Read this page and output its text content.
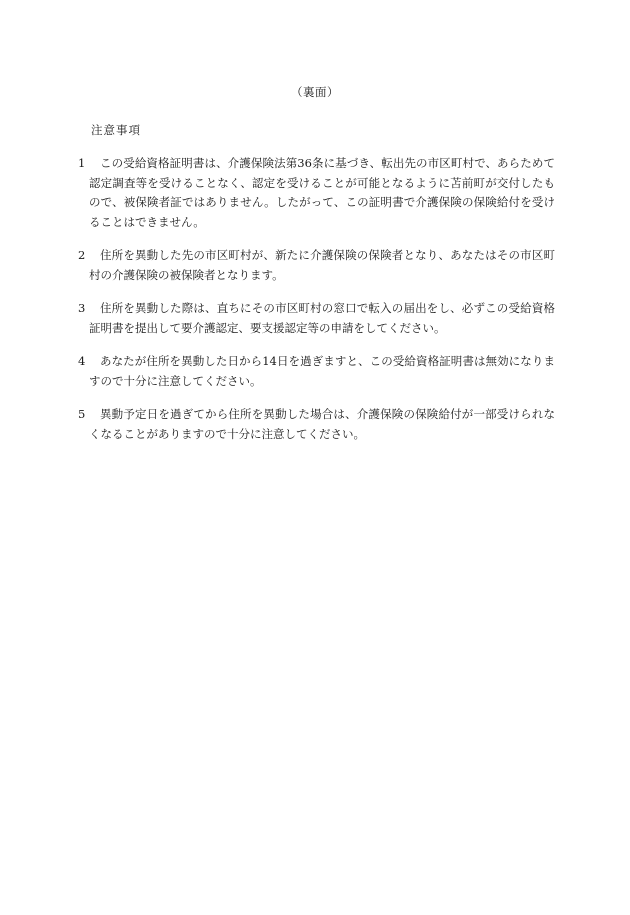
（裏面）
注意事項
1	この受給資格証明書は、介護保険法第36条に基づき、転出先の市区町村で、あらためて認定調査等を受けることなく、認定を受けることが可能となるように苫前町が交付したもので、被保険者証ではありません。したがって、この証明書で介護保険の保険給付を受けることはできません。
2	住所を異動した先の市区町村が、新たに介護保険の保険者となり、あなたはその市区町村の介護保険の被保険者となります。
3	住所を異動した際は、直ちにその市区町村の窓口で転入の届出をし、必ずこの受給資格証明書を提出して要介護認定、要支援認定等の申請をしてください。
4	あなたが住所を異動した日から14日を過ぎますと、この受給資格証明書は無効になりますので十分に注意してください。
5	異動予定日を過ぎてから住所を異動した場合は、介護保険の保険給付が一部受けられなくなることがありますので十分に注意してください。
